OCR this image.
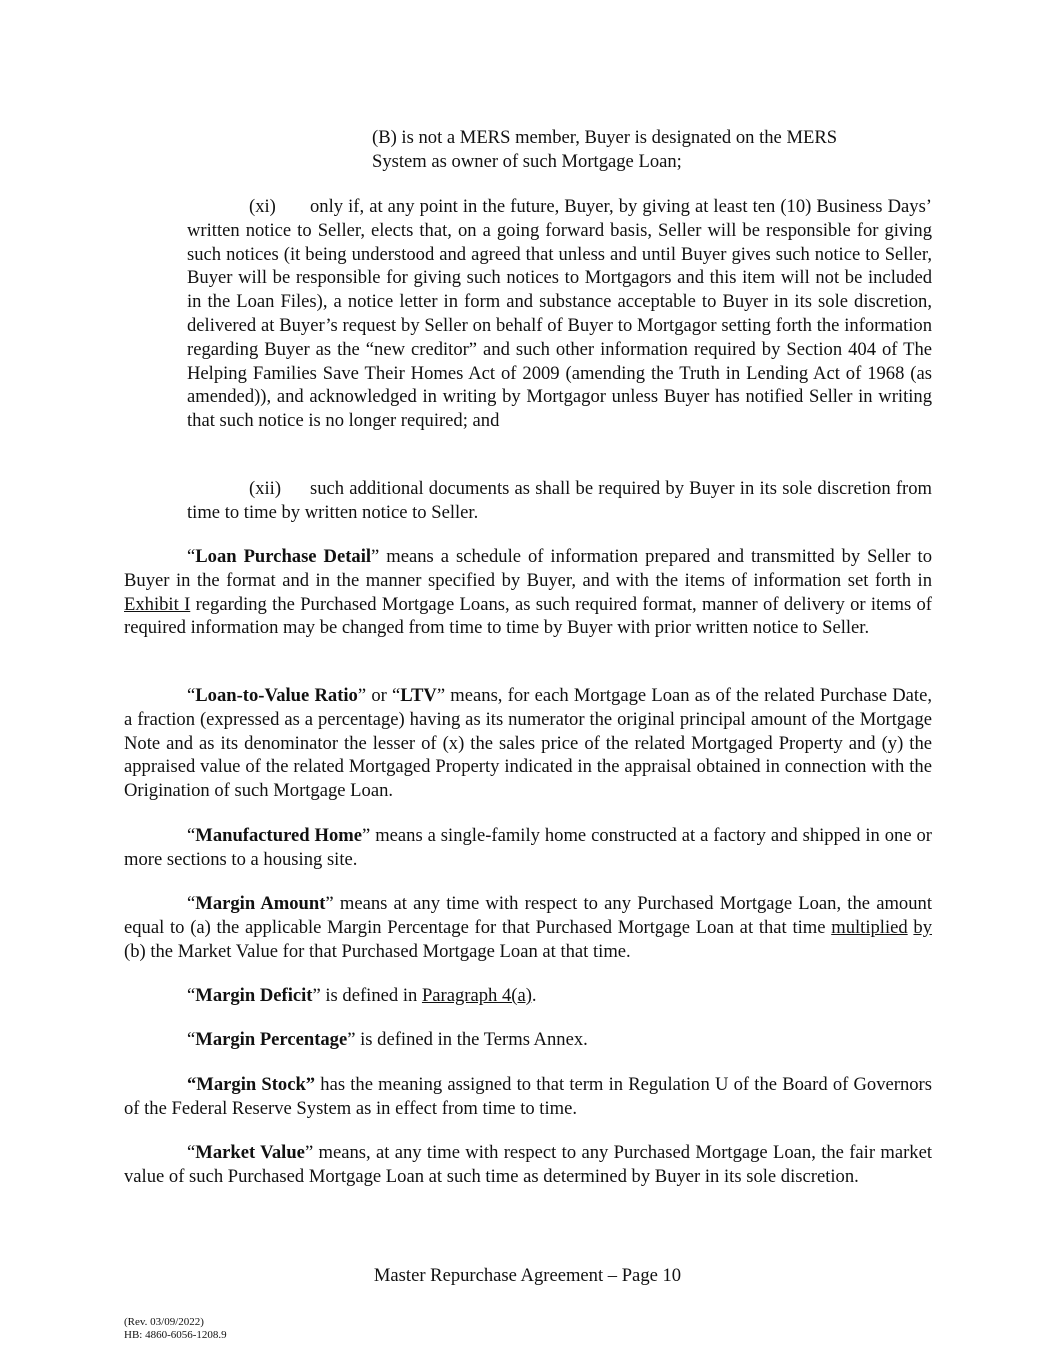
(B) is not a MERS member, Buyer is designated on the MERS
System as owner of such Mortgage Loan;

(xi) only if, at any point in the future, Buyer, by giving at least ten (10) Business Days’ written notice to Seller, elects that, on a going forward basis, Seller will be responsible for giving such notices (it being understood and agreed that unless and until Buyer gives such notice to Seller, Buyer will be responsible for giving such notices to Mortgagors and this item will not be included in the Loan Files), a notice letter in form and substance acceptable to Buyer in its sole discretion, delivered at Buyer’s request by Seller on behalf of Buyer to Mortgagor setting forth the information regarding Buyer as the “new creditor” and such other information required by Section 404 of The Helping Families Save Their Homes Act of 2009 (amending the Truth in Lending Act of 1968 (as amended)), and acknowledged in writing by Mortgagor unless Buyer has notified Seller in writing that such notice is no longer required; and

(xii) such additional documents as shall be required by Buyer in its sole discretion from time to time by written notice to Seller.

“Loan Purchase Detail” means a schedule of information prepared and transmitted by Seller to Buyer in the format and in the manner specified by Buyer, and with the items of information set forth in Exhibit I regarding the Purchased Mortgage Loans, as such required format, manner of delivery or items of required information may be changed from time to time by Buyer with prior written notice to Seller.

“Loan-to-Value Ratio” or “LTV” means, for each Mortgage Loan as of the related Purchase Date, a fraction (expressed as a percentage) having as its numerator the original principal amount of the Mortgage Note and as its denominator the lesser of (x) the sales price of the related Mortgaged Property and (y) the appraised value of the related Mortgaged Property indicated in the appraisal obtained in connection with the Origination of such Mortgage Loan.

“Manufactured Home” means a single-family home constructed at a factory and shipped in one or more sections to a housing site.

“Margin Amount” means at any time with respect to any Purchased Mortgage Loan, the amount equal to (a) the applicable Margin Percentage for that Purchased Mortgage Loan at that time multiplied by (b) the Market Value for that Purchased Mortgage Loan at that time.

“Margin Deficit” is defined in Paragraph 4(a).

“Margin Percentage” is defined in the Terms Annex.

“Margin Stock” has the meaning assigned to that term in Regulation U of the Board of Governors of the Federal Reserve System as in effect from time to time.

“Market Value” means, at any time with respect to any Purchased Mortgage Loan, the fair market value of such Purchased Mortgage Loan at such time as determined by Buyer in its sole discretion.

Master Repurchase Agreement – Page 10
(Rev. 03/09/2022)
HB: 4860-6056-1208.9
